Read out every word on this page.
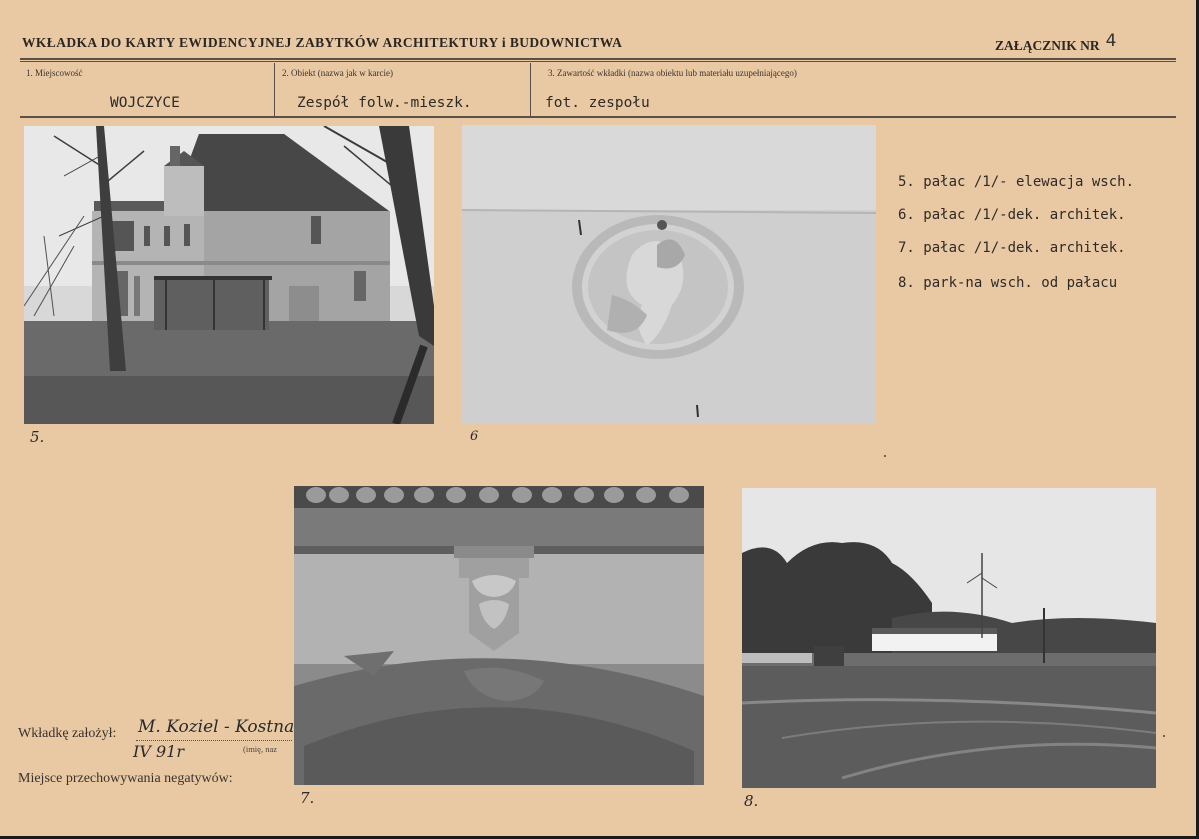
WKŁADKA DO KARTY EWIDENCYJNEJ ZABYTKÓW ARCHITEKTURY i BUDOWNICTWA	ZAŁĄCZNIK NR 4
1. Miejscowość
WOJCZYCE
2. Obiekt (nazwa jak w karcie)
Zespół folw.-mieszk.
3. Zawartość wkładki (nazwa obiektu lub materiału uzupełniającego)
fot. zespołu
5.	6
7.	8.
5. pałac /1/- elewacja wsch.
6. pałac /1/-dek. architek.
7. pałac /1/-dek. architek.
8. park-na wsch. od pałacu
Wkładkę założył: M. Koziel - Kostna
IV 91r	(imię, naz
Miejsce przechowywania negatywów:
